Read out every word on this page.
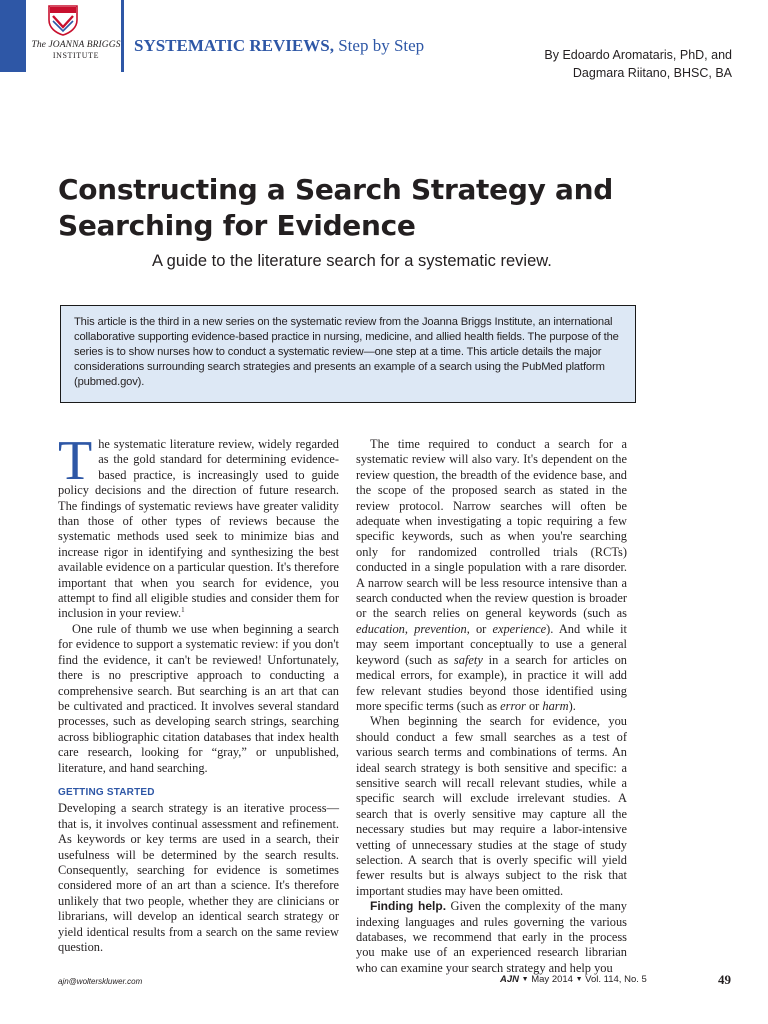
The JOANNA BRIGGS
INSTITUTE
SYSTEMATIC REVIEWS, Step by Step	By Edoardo Aromataris, PhD, and
Dagmara Riitano, BHSC, BA
Constructing a Search Strategy and Searching for Evidence
A guide to the literature search for a systematic review.
This article is the third in a new series on the systematic review from the Joanna Briggs Institute, an international collaborative supporting evidence-based practice in nursing, medicine, and allied health fields. The purpose of the series is to show nurses how to conduct a systematic review—one step at a time. This article details the major considerations surrounding search strategies and presents an example of a search using the PubMed platform (pubmed.gov).

The systematic literature review, widely regarded as the gold standard for determining evidence-based practice, is increasingly used to guide policy decisions and the direction of future research. The findings of systematic reviews have greater validity than those of other types of reviews because the systematic methods used seek to minimize bias and increase rigor in identifying and synthesizing the best available evidence on a particular question. It's therefore important that when you search for evidence, you attempt to find all eligible studies and consider them for inclusion in your review.$^1$

One rule of thumb we use when beginning a search for evidence to support a systematic review: if you don't find the evidence, it can't be reviewed! Unfortunately, there is no prescriptive approach to conducting a comprehensive search. But searching is an art that can be cultivated and practiced. It involves several standard processes, such as developing search strings, searching across bibliographic citation databases that index health care research, looking for “gray,” or unpublished, literature, and hand searching.

GETTING STARTED

Developing a search strategy is an iterative process—that is, it involves continual assessment and refinement. As keywords or key terms are used in a search, their usefulness will be determined by the search results. Consequently, searching for evidence is sometimes considered more of an art than a science. It's therefore unlikely that two people, whether they are clinicians or librarians, will develop an identical search strategy or yield identical results from a search on the same review question.

The time required to conduct a search for a systematic review will also vary. It's dependent on the review question, the breadth of the evidence base, and the scope of the proposed search as stated in the review protocol. Narrow searches will often be adequate when investigating a topic requiring a few specific keywords, such as when you're searching only for randomized controlled trials (RCTs) conducted in a single population with a rare disorder. A narrow search will be less resource intensive than a search conducted when the review question is broader or the search relies on general keywords (such as education, prevention, or experience). And while it may seem important conceptually to use a general keyword (such as safety in a search for articles on medical errors, for example), in practice it will add few relevant studies beyond those identified using more specific terms (such as error or harm).

When beginning the search for evidence, you should conduct a few small searches as a test of various search terms and combinations of terms. An ideal search strategy is both sensitive and specific: a sensitive search will recall relevant studies, while a specific search will exclude irrelevant studies. A search that is overly sensitive may capture all the necessary studies but may require a labor-intensive vetting of unnecessary studies at the stage of study selection. A search that is overly specific will yield fewer results but is always subject to the risk that important studies may have been omitted.

Finding help. Given the complexity of the many indexing languages and rules governing the various databases, we recommend that early in the process you make use of an experienced research librarian who can examine your search strategy and help you

ajn@wolterskluwer.com	AJN ▼ May 2014 ▼ Vol. 114, No. 5	49
